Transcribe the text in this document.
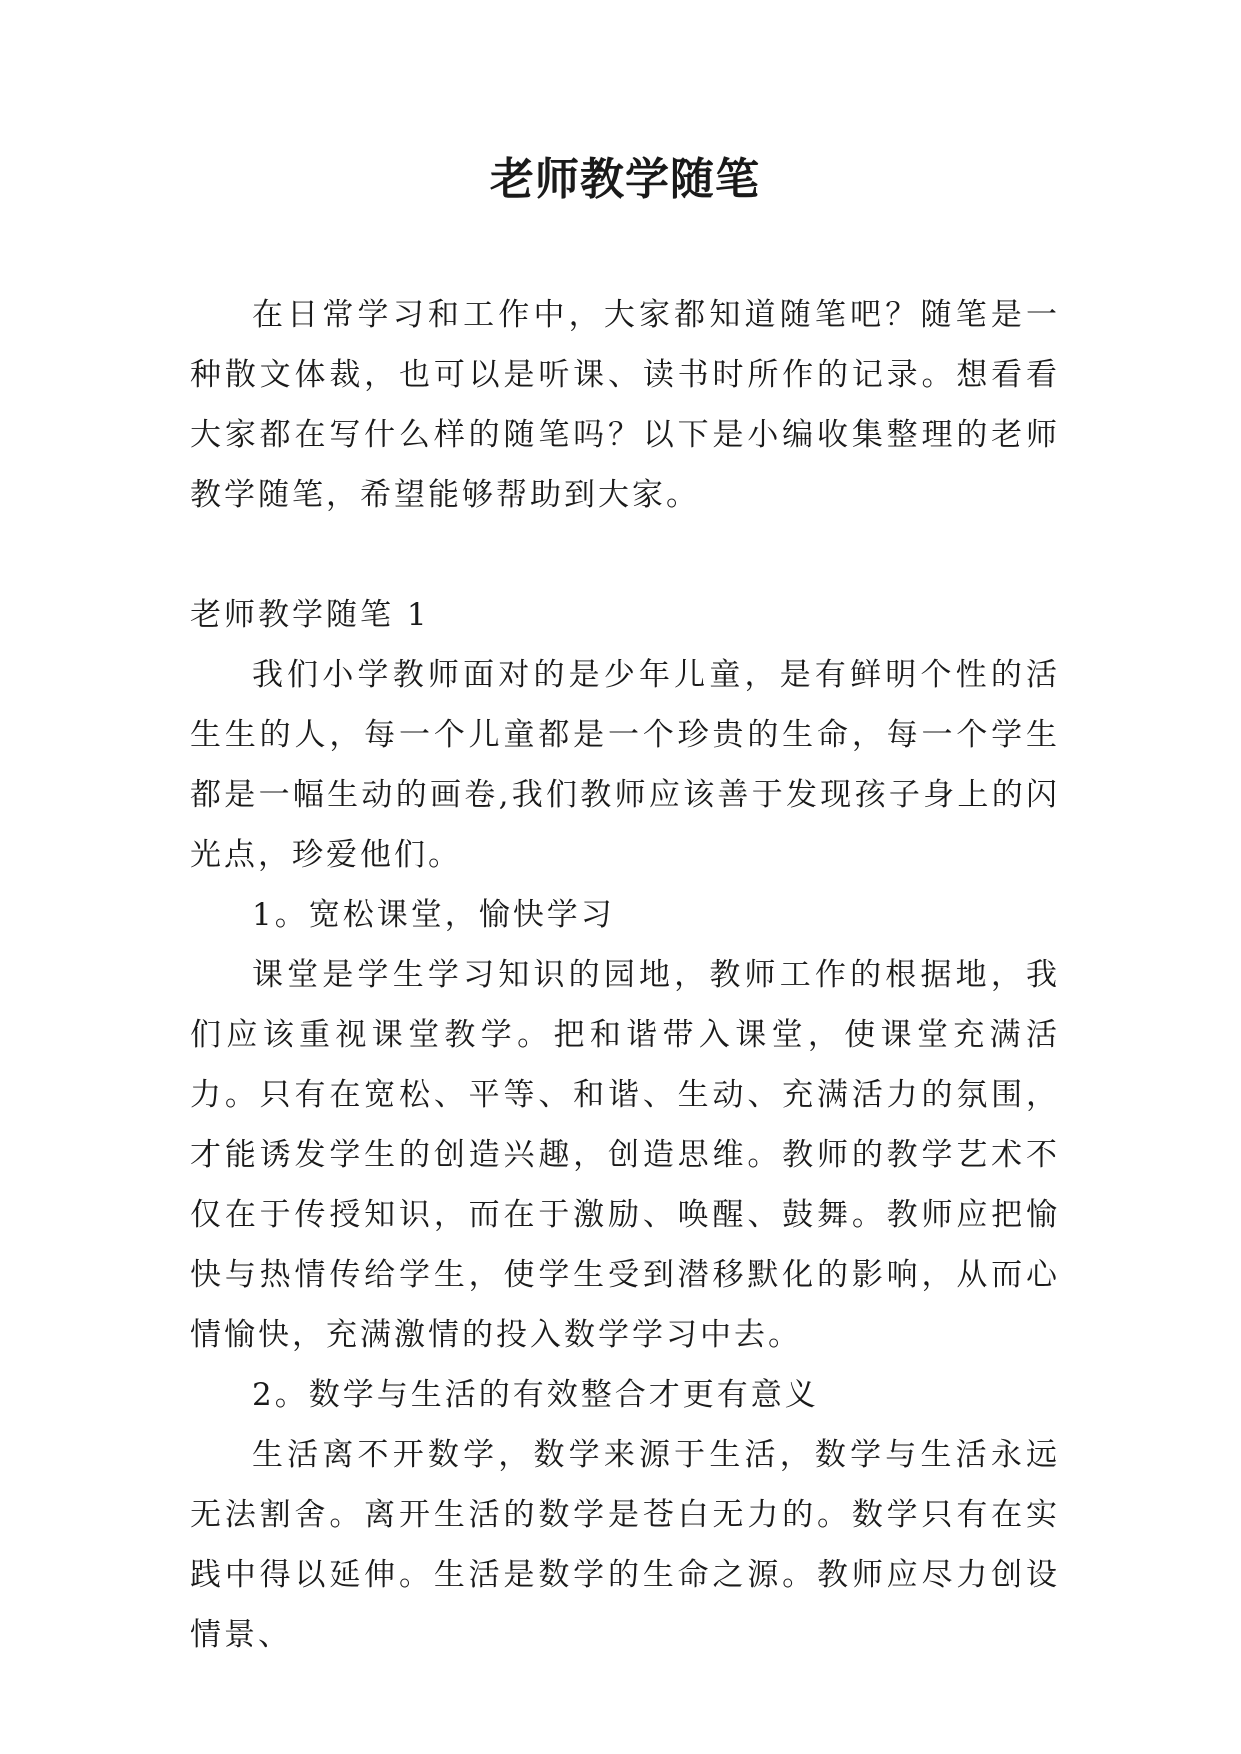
老师教学随笔

在日常学习和工作中，大家都知道随笔吧？随笔是一种散文体裁，也可以是听课、读书时所作的记录。想看看大家都在写什么样的随笔吗？以下是小编收集整理的老师教学随笔，希望能够帮助到大家。

老师教学随笔 1

我们小学教师面对的是少年儿童，是有鲜明个性的活生生的人，每一个儿童都是一个珍贵的生命，每一个学生都是一幅生动的画卷,我们教师应该善于发现孩子身上的闪光点，珍爱他们。

1。宽松课堂，愉快学习

课堂是学生学习知识的园地，教师工作的根据地，我们应该重视课堂教学。把和谐带入课堂，使课堂充满活力。只有在宽松、平等、和谐、生动、充满活力的氛围，才能诱发学生的创造兴趣，创造思维。教师的教学艺术不仅在于传授知识，而在于激励、唤醒、鼓舞。教师应把愉快与热情传给学生，使学生受到潜移默化的影响，从而心情愉快，充满激情的投入数学学习中去。

2。数学与生活的有效整合才更有意义

生活离不开数学，数学来源于生活，数学与生活永远无法割舍。离开生活的数学是苍白无力的。数学只有在实践中得以延伸。生活是数学的生命之源。教师应尽力创设情景、
